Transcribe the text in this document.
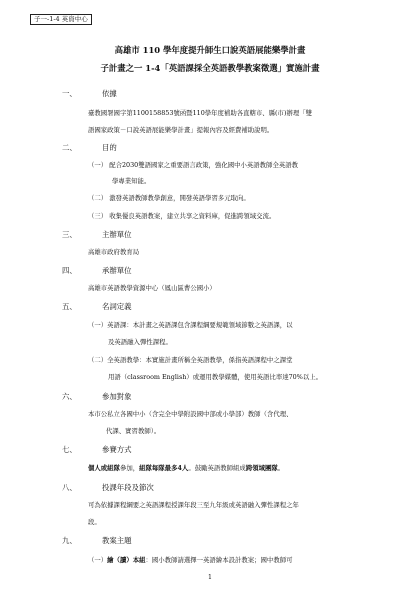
子一-1-4 英資中心
高雄市 110 學年度提升師生口說英語展能樂學計畫
子計畫之一 1-4「英語課採全英語教學教案徵選」實施計畫
一、	依據
臺教國署國字第1100158853號函暨110學年度補助各直轄市、縣(市)辦理「雙
語國家政策－口說英語展能樂學計畫」提報內容及經費補助說明。
二、	目的
（一） 配合2030雙語國家之重要語言政策，強化國中小英語教師全英語教
學專業知能。
（二） 激發英語教師教學創意，開發英語學習多元取向。
（三） 收集優良英語教案，建立共享之資料庫，促進跨領域交流。
三、	主辦單位
高雄市政府教育局
四、	承辦單位
高雄市英語教學資源中心（鳳山區曹公國小）
五、	名詞定義
（一）英語課：本計畫之英語課包含課程綱要規範領域節數之英語課，以
及英語融入彈性課程。
（二）全英語教學：本實施計畫所稱全英語教學，係指英語課程中之課堂
用語（classroom English）或運用教學媒體，使用英語比率達70%以上。
六、	參加對象
本市公私立各國中小（含完全中學附設國中部或小學部）教師（含代理、
代課、實習教師）。
七、	參賽方式
個人或組隊參加，組隊每隊最多4人。鼓勵英語教師組成跨領域團隊。
八、	投課年段及節次
可為依據課程綱要之英語課程授課年段三至九年級或英語融入彈性課程之年
段。
九、	教案主題
（一）繪（讀）本組：國小教師請選擇一英語繪本設計教案；國中教師可
1
